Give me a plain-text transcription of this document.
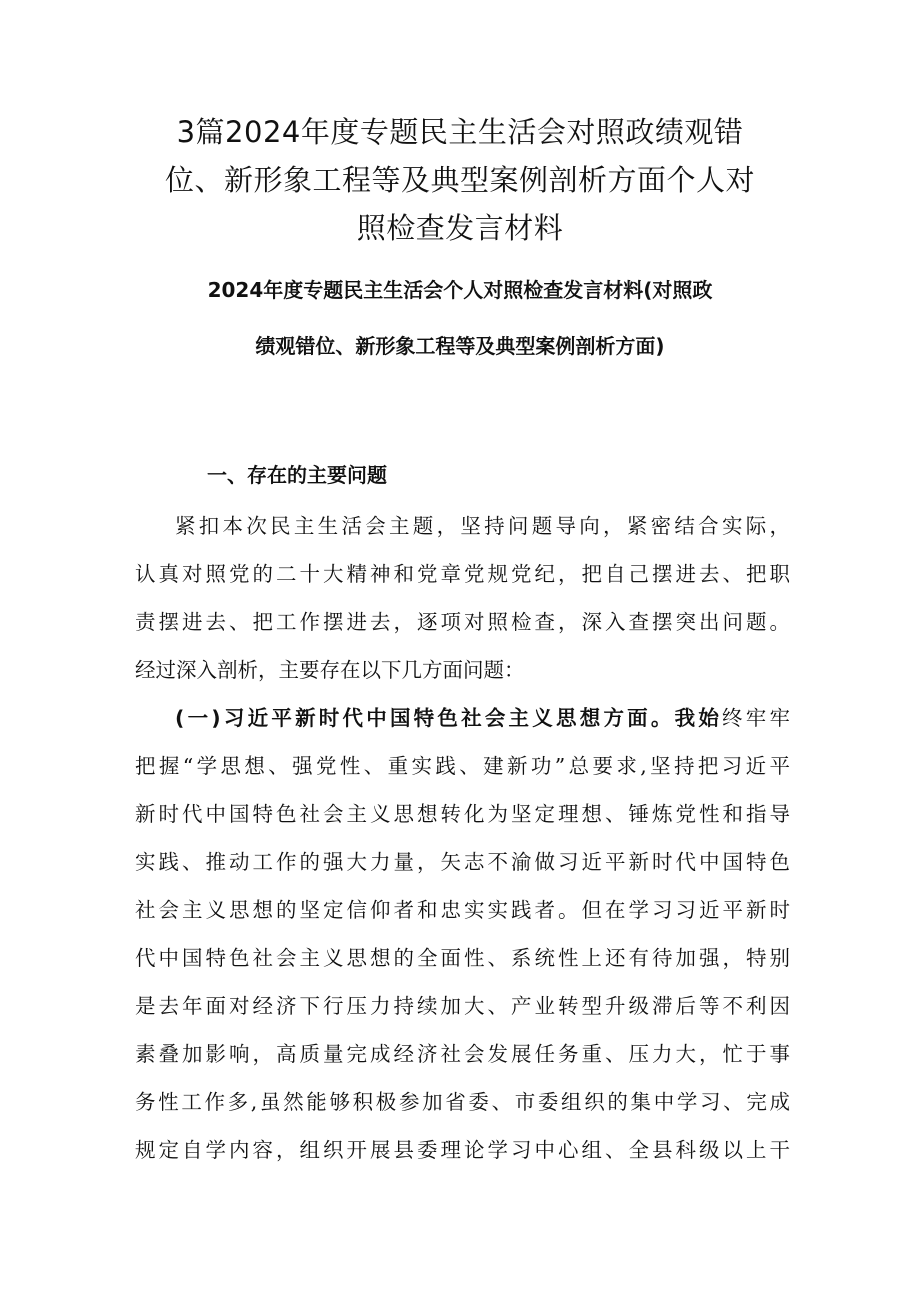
3篇2024年度专题民主生活会对照政绩观错
位、新形象工程等及典型案例剖析方面个人对
照检查发言材料
2024年度专题民主生活会个人对照检查发言材料(对照政
绩观错位、新形象工程等及典型案例剖析方面)
一、存在的主要问题
紧扣本次民主生活会主题，坚持问题导向，紧密结合实际，
认真对照党的二十大精神和党章党规党纪，把自己摆进去、把职
责摆进去、把工作摆进去，逐项对照检查，深入查摆突出问题。
经过深入剖析，主要存在以下几方面问题：
(一)习近平新时代中国特色社会主义思想方面。我始终牢牢
把握“学思想、强党性、重实践、建新功”总要求,坚持把习近平
新时代中国特色社会主义思想转化为坚定理想、锤炼党性和指导
实践、推动工作的强大力量，矢志不渝做习近平新时代中国特色
社会主义思想的坚定信仰者和忠实实践者。但在学习习近平新时
代中国特色社会主义思想的全面性、系统性上还有待加强，特别
是去年面对经济下行压力持续加大、产业转型升级滞后等不利因
素叠加影响，高质量完成经济社会发展任务重、压力大，忙于事
务性工作多,虽然能够积极参加省委、市委组织的集中学习、完成
规定自学内容，组织开展县委理论学习中心组、全县科级以上干
